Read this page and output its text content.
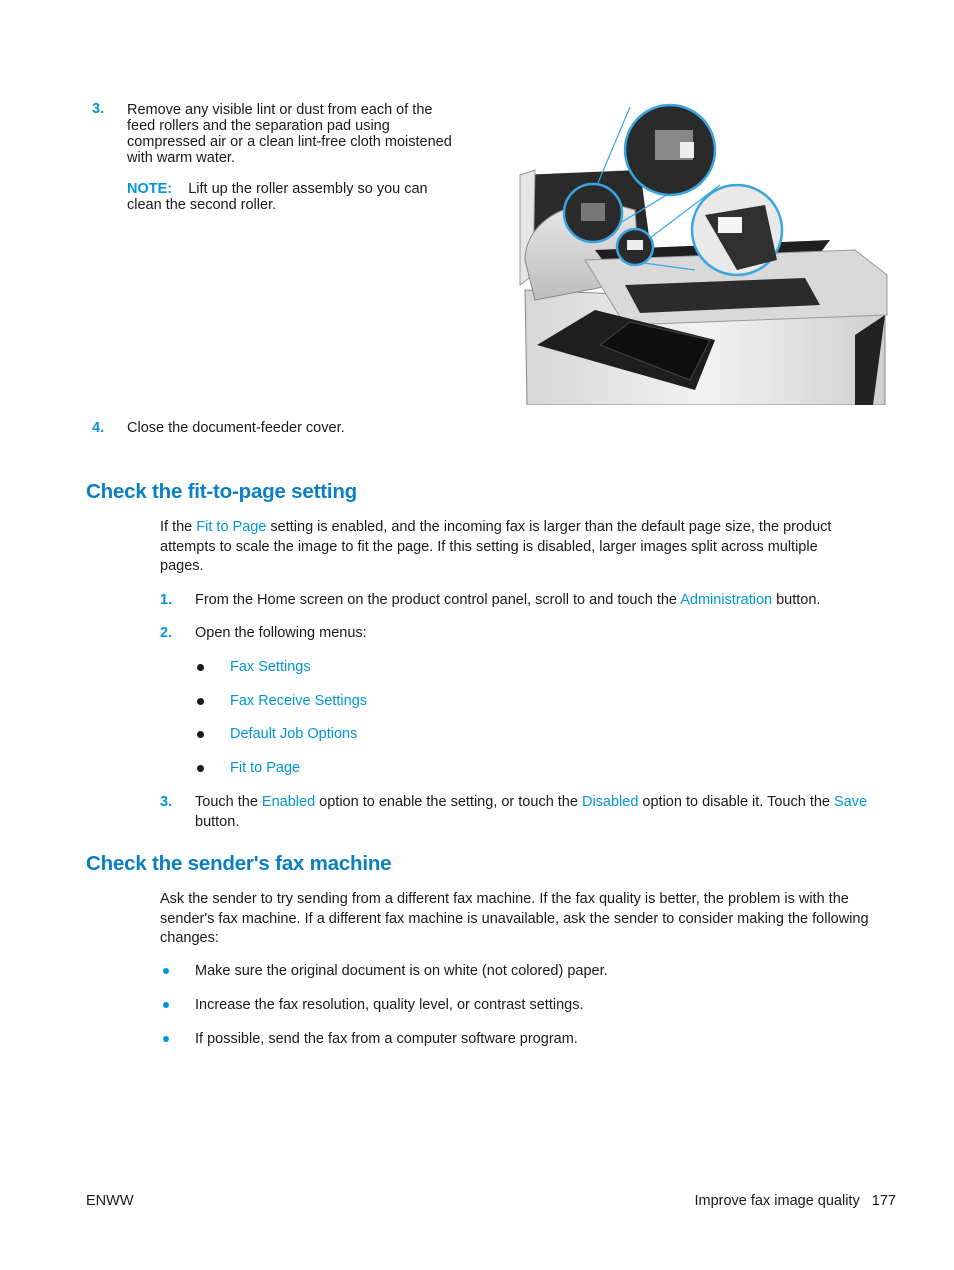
3. Remove any visible lint or dust from each of the feed rollers and the separation pad using compressed air or a clean lint-free cloth moistened with warm water.

NOTE: Lift up the roller assembly so you can clean the second roller.

4. Close the document-feeder cover.

Check the fit-to-page setting

If the Fit to Page setting is enabled, and the incoming fax is larger than the default page size, the product attempts to scale the image to fit the page. If this setting is disabled, larger images split across multiple pages.

1. From the Home screen on the product control panel, scroll to and touch the Administration button.

2. Open the following menus:

Fax Settings
Fax Receive Settings
Default Job Options
Fit to Page
3. Touch the Enabled option to enable the setting, or touch the Disabled option to disable it. Touch the Save button.

Check the sender's fax machine

Ask the sender to try sending from a different fax machine. If the fax quality is better, the problem is with the sender's fax machine. If a different fax machine is unavailable, ask the sender to consider making the following changes:

Make sure the original document is on white (not colored) paper.

Increase the fax resolution, quality level, or contrast settings.

If possible, send the fax from a computer software program.

ENWW	Improve fax image quality 177
